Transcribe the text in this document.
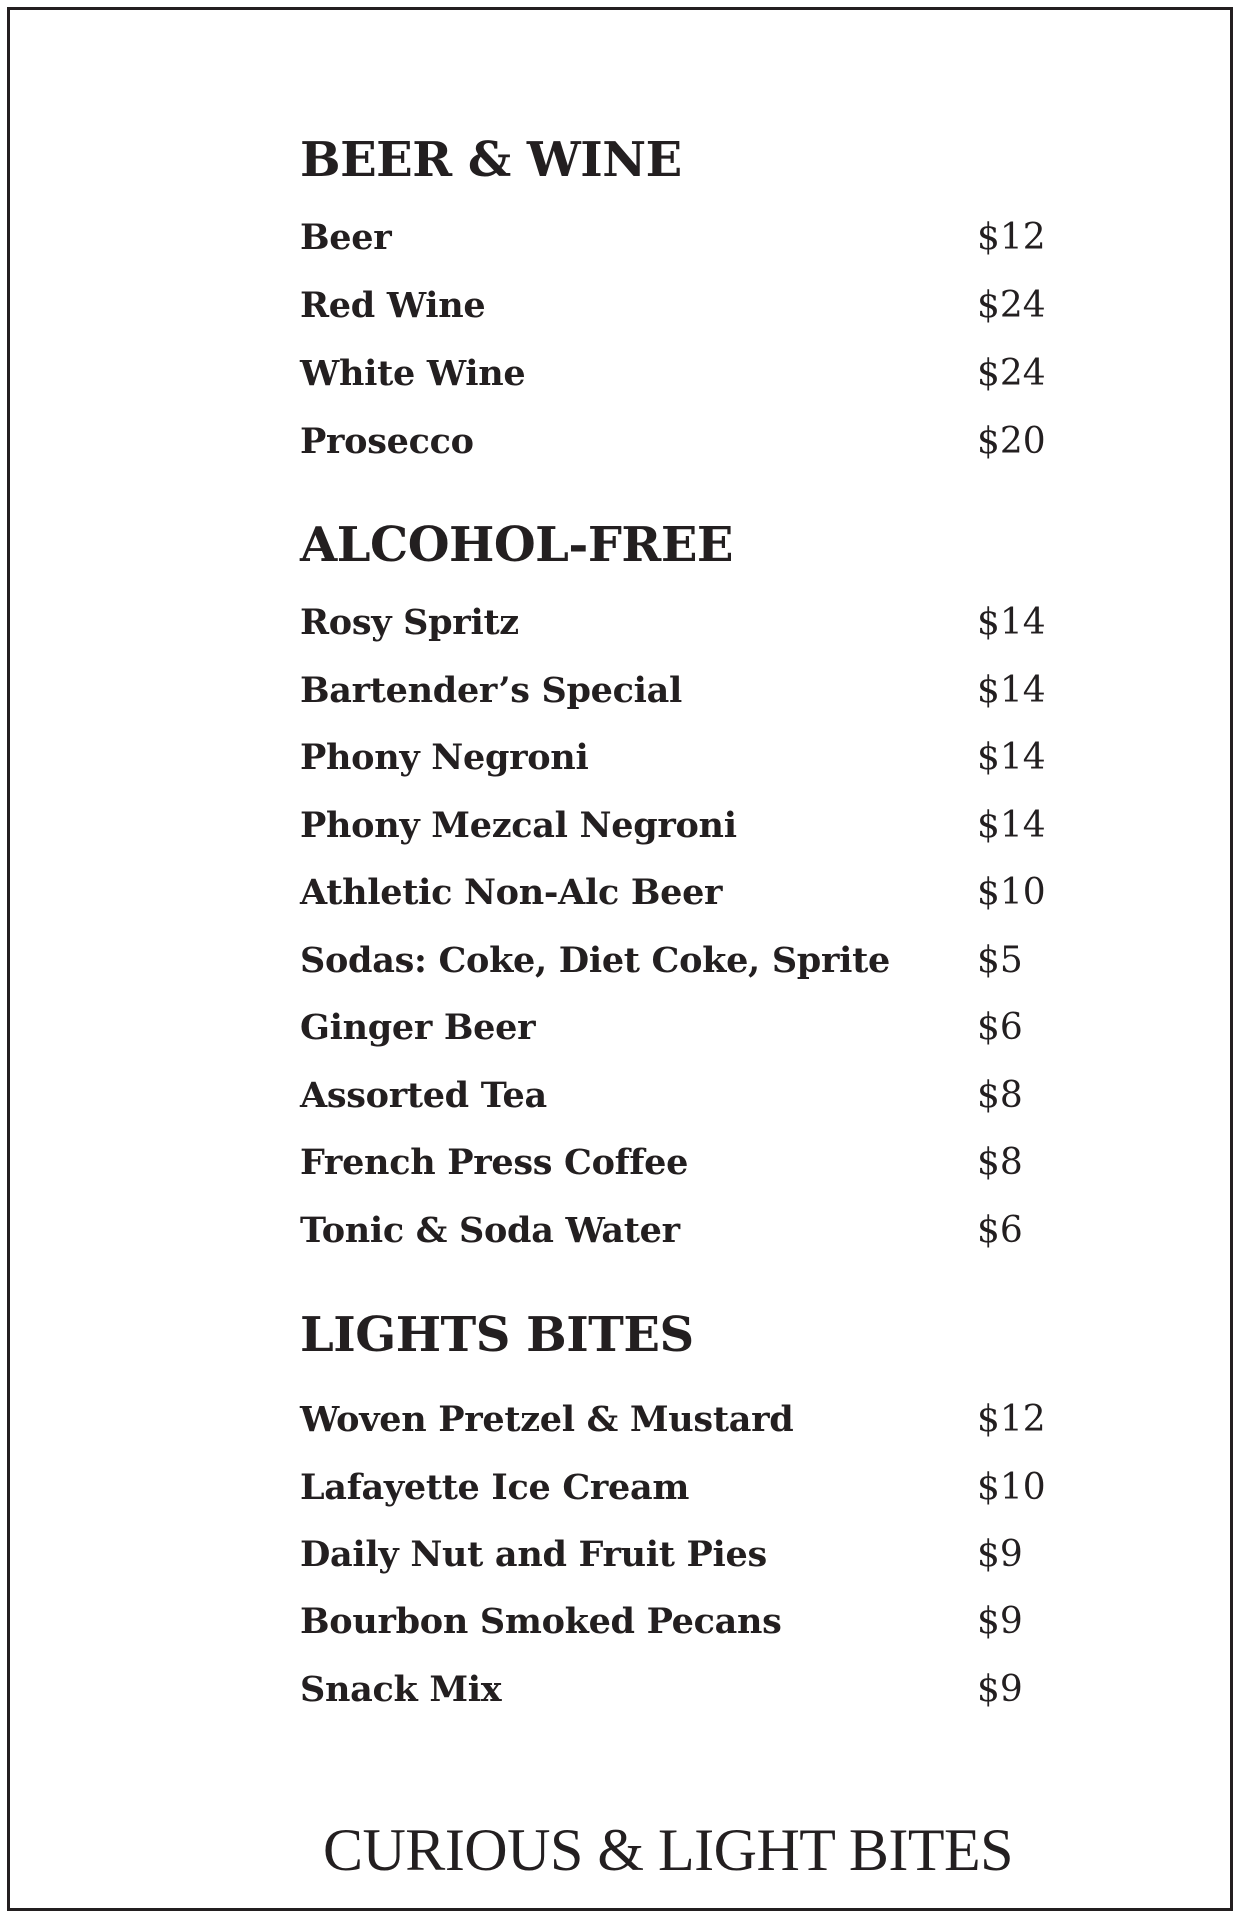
BEER & WINE
Beer	$12
Red Wine	$24
White Wine	$24
Prosecco	$20
ALCOHOL-FREE
Rosy Spritz	$14
Bartender’s Special	$14
Phony Negroni	$14
Phony Mezcal Negroni	$14
Athletic Non-Alc Beer	$10
Sodas: Coke, Diet Coke, Sprite $5
Ginger Beer	$6
Assorted Tea	$8
French Press Coffee	$8
Tonic & Soda Water	$6
LIGHTS BITES
Woven Pretzel & Mustard	$12
Lafayette Ice Cream	$10
Daily Nut and Fruit Pies	$9
Bourbon Smoked Pecans	$9
Snack Mix	$9
CURIOUS & LIGHT BITES
